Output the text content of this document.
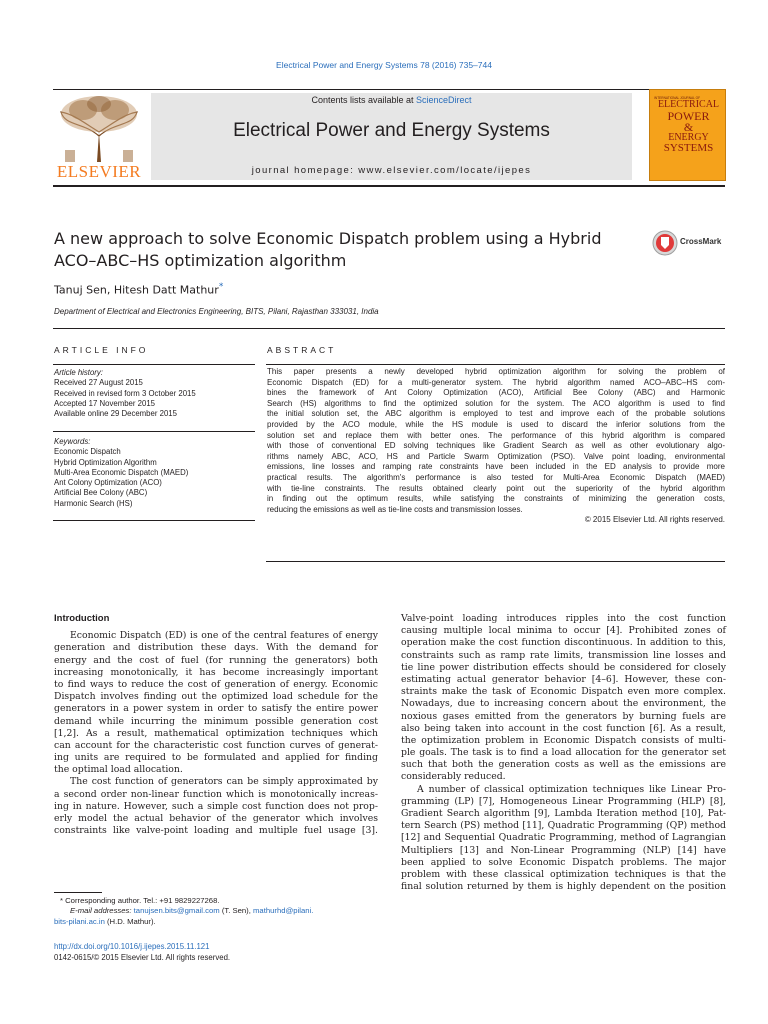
Electrical Power and Energy Systems 78 (2016) 735–744
ELSEVIER
Contents lists available at ScienceDirect
Electrical Power and Energy Systems
journal homepage: www.elsevier.com/locate/ijepes
INTERNATIONAL JOURNAL OF
ELECTRICAL
POWER
&
ENERGY
SYSTEMS
A new approach to solve Economic Dispatch problem using a Hybrid ACO–ABC–HS optimization algorithm
CrossMark
Tanuj Sen, Hitesh Datt Mathur*
Department of Electrical and Electronics Engineering, BITS, Pilani, Rajasthan 333031, India
ARTICLE INFO	ABSTRACT
Article history:
Received 27 August 2015
Received in revised form 3 October 2015
Accepted 17 November 2015
Available online 29 December 2015
Keywords:
Economic Dispatch
Hybrid Optimization Algorithm
Multi-Area Economic Dispatch (MAED)
Ant Colony Optimization (ACO)
Artificial Bee Colony (ABC)
Harmonic Search (HS)
This paper presents a newly developed hybrid optimization algorithm for solving the problem of
Economic Dispatch (ED) for a multi-generator system. The hybrid algorithm named ACO–ABC–HS com-
bines the framework of Ant Colony Optimization (ACO), Artificial Bee Colony (ABC) and Harmonic
Search (HS) algorithms to find the optimized solution for the system. The ACO algorithm is used to find
the initial solution set, the ABC algorithm is employed to test and improve each of the probable solutions
provided by the ACO module, while the HS module is used to discard the inferior solutions from the
solution set and replace them with better ones. The performance of this hybrid algorithm is compared
with those of conventional ED solving techniques like Gradient Search as well as other evolutionary algo-
rithms namely ABC, ACO, HS and Particle Swarm Optimization (PSO). Valve point loading, environmental
emissions, line losses and ramping rate constraints have been included in the ED analysis to provide more
practical results. The algorithm's performance is also tested for Multi-Area Economic Dispatch (MAED)
with tie-line constraints. The results obtained clearly point out the superiority of the hybrid algorithm
in finding out the optimum results, while satisfying the constraints of minimizing the generation costs,
reducing the emissions as well as tie-line costs and transmission losses.
© 2015 Elsevier Ltd. All rights reserved.
Introduction
Economic Dispatch (ED) is one of the central features of energy
generation and distribution these days. With the demand for
energy and the cost of fuel (for running the generators) both
increasing monotonically, it has become increasingly important
to find ways to reduce the cost of generation of energy. Economic
Dispatch involves finding out the optimized load schedule for the
generators in a power system in order to satisfy the entire power
demand while incurring the minimum possible generation cost
[1,2]. As a result, mathematical optimization techniques which
can account for the characteristic cost function curves of generat-
ing units are required to be formulated and applied for finding
the optimal load allocation.
The cost function of generators can be simply approximated by
a second order non-linear function which is monotonically increas-
ing in nature. However, such a simple cost function does not prop-
erly model the actual behavior of the generator which involves
constraints like valve-point loading and multiple fuel usage [3].
Valve-point loading introduces ripples into the cost function
causing multiple local minima to occur [4]. Prohibited zones of
operation make the cost function discontinuous. In addition to this,
constraints such as ramp rate limits, transmission line losses and
tie line power distribution effects should be considered for closely
estimating actual generator behavior [4–6]. However, these con-
straints make the task of Economic Dispatch even more complex.
Nowadays, due to increasing concern about the environment, the
noxious gases emitted from the generators by burning fuels are
also being taken into account in the cost function [6]. As a result,
the optimization problem in Economic Dispatch consists of multi-
ple goals. The task is to find a load allocation for the generator set
such that both the generation costs as well as the emissions are
considerably reduced.
A number of classical optimization techniques like Linear Pro-
gramming (LP) [7], Homogeneous Linear Programming (HLP) [8],
Gradient Search algorithm [9], Lambda Iteration method [10], Pat-
tern Search (PS) method [11], Quadratic Programming (QP) method
[12] and Sequential Quadratic Programming, method of Lagrangian
Multipliers [13] and Non-Linear Programming (NLP) [14] have
been applied to solve Economic Dispatch problems. The major
problem with these classical optimization techniques is that the
final solution returned by them is highly dependent on the position
* Corresponding author. Tel.: +91 9829227268.
E-mail addresses: tanujsen.bits@gmail.com (T. Sen), mathurhd@pilani.
bits-pilani.ac.in (H.D. Mathur).
http://dx.doi.org/10.1016/j.ijepes.2015.11.121
0142-0615/© 2015 Elsevier Ltd. All rights reserved.
